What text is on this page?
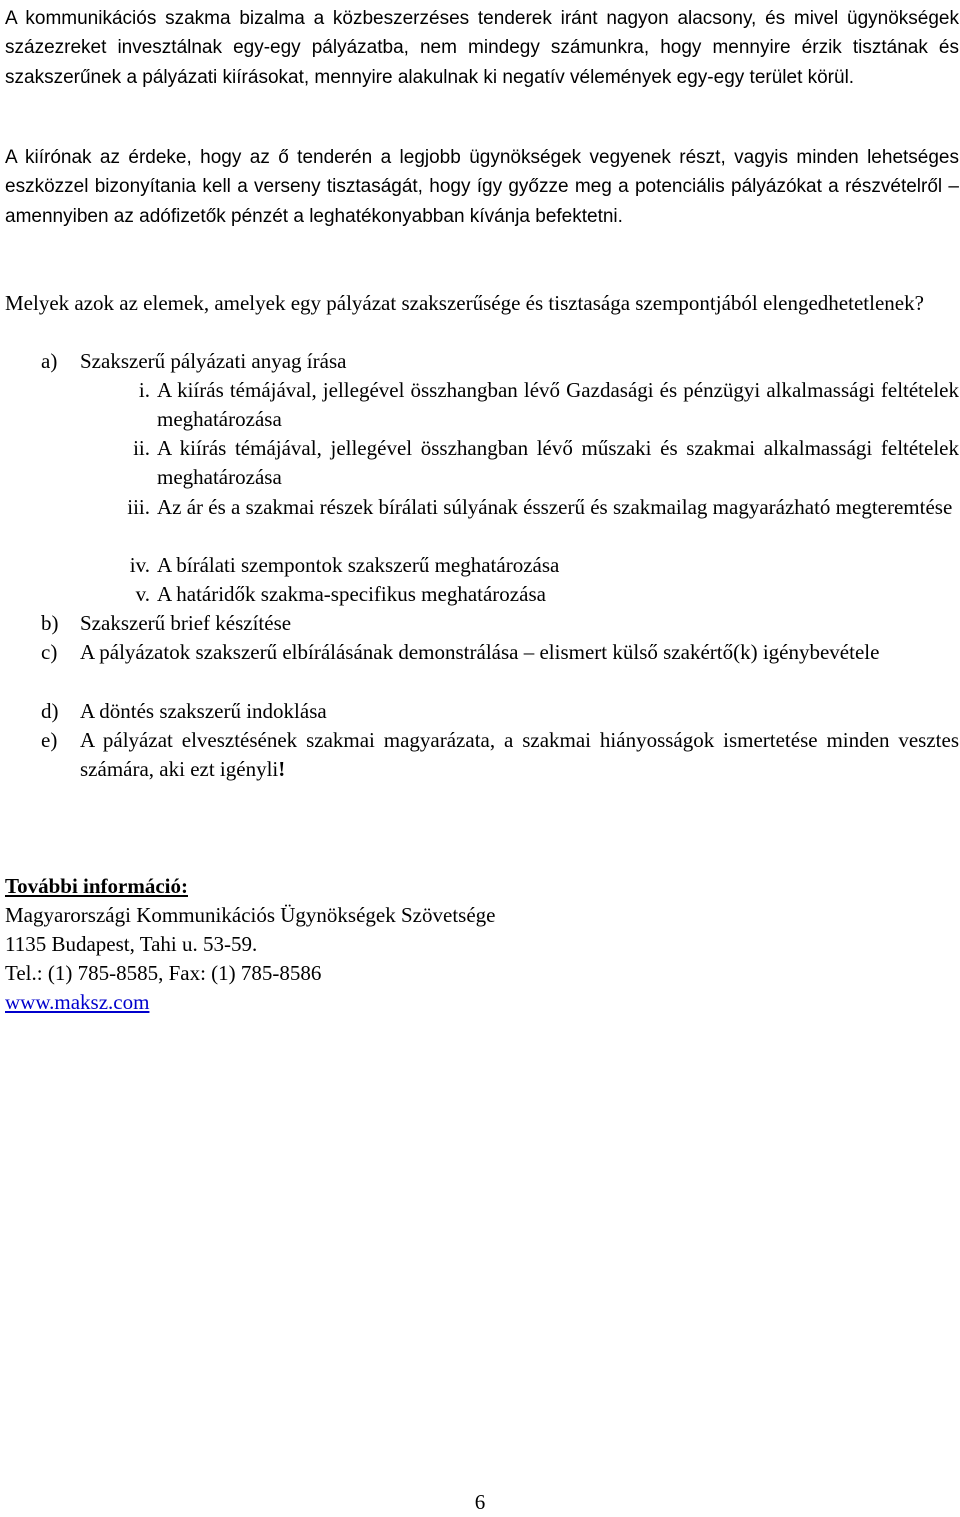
A kommunikációs szakma bizalma a közbeszerzéses tenderek iránt nagyon alacsony, és mivel ügynökségek százezreket invesztálnak egy-egy pályázatba, nem mindegy számunkra, hogy mennyire érzik tisztának és szakszerűnek a pályázati kiírásokat, mennyire alakulnak ki negatív vélemények egy-egy terület körül.

A kiírónak az érdeke, hogy az ő tenderén a legjobb ügynökségek vegyenek részt, vagyis minden lehetséges eszközzel bizonyítania kell a verseny tisztaságát, hogy így győzze meg a potenciális pályázókat a részvételről – amennyiben az adófizetők pénzét a leghatékonyabban kívánja befektetni.

Melyek azok az elemek, amelyek egy pályázat szakszerűsége és tisztasága szempontjából elengedhetetlenek?

a) Szakszerű pályázati anyag írása
i. A kiírás témájával, jellegével összhangban lévő Gazdasági és pénzügyi alkalmassági feltételek meghatározása
ii. A kiírás témájával, jellegével összhangban lévő műszaki és szakmai alkalmassági feltételek meghatározása
iii. Az ár és a szakmai részek bírálati súlyának ésszerű és szakmailag magyarázható megteremtése
iv. A bírálati szempontok szakszerű meghatározása
v. A határidők szakma-specifikus meghatározása
b) Szakszerű brief készítése
c) A pályázatok szakszerű elbírálásának demonstrálása – elismert külső szakértő(k) igénybevétele
d) A döntés szakszerű indoklása
e) A pályázat elvesztésének szakmai magyarázata, a szakmai hiányosságok ismertetése minden vesztes számára, aki ezt igényli!

További információ:

Magyarországi Kommunikációs Ügynökségek Szövetsége

1135 Budapest, Tahi u. 53-59.

Tel.: (1) 785-8585, Fax: (1) 785-8586

www.maksz.com

6
